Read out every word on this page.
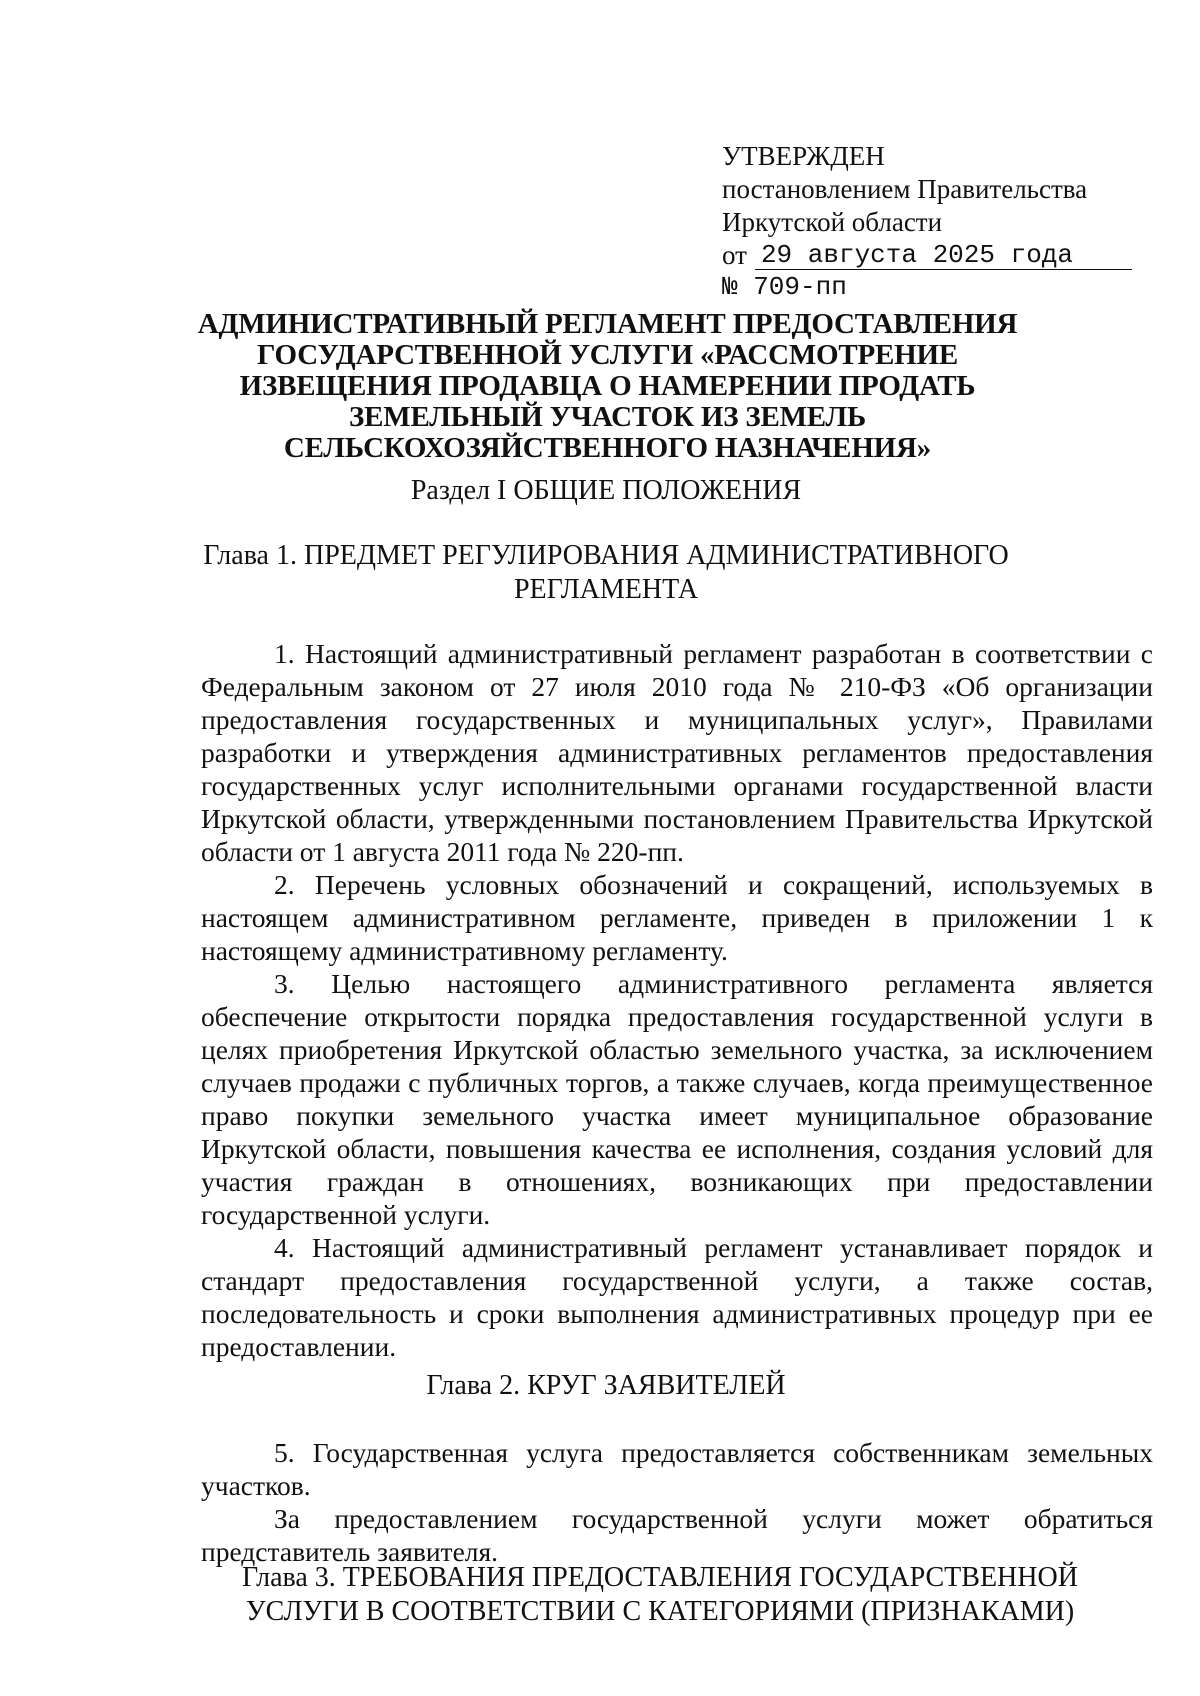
УТВЕРЖДЕН
постановлением Правительства
Иркутской области
от 29 августа 2025 года
№ 709-пп
АДМИНИСТРАТИВНЫЙ РЕГЛАМЕНТ ПРЕДОСТАВЛЕНИЯ ГОСУДАРСТВЕННОЙ УСЛУГИ «РАССМОТРЕНИЕ ИЗВЕЩЕНИЯ ПРОДАВЦА О НАМЕРЕНИИ ПРОДАТЬ ЗЕМЕЛЬНЫЙ УЧАСТОК ИЗ ЗЕМЕЛЬ СЕЛЬСКОХОЗЯЙСТВЕННОГО НАЗНАЧЕНИЯ»
Раздел I ОБЩИЕ ПОЛОЖЕНИЯ
Глава 1. ПРЕДМЕТ РЕГУЛИРОВАНИЯ АДМИНИСТРАТИВНОГО РЕГЛАМЕНТА

1. Настоящий административный регламент разработан в соответствии с Федеральным законом от 27 июля 2010 года № 210-ФЗ «Об организации предоставления государственных и муниципальных услуг», Правилами разработки и утверждения административных регламентов предоставления государственных услуг исполнительными органами государственной власти Иркутской области, утвержденными постановлением Правительства Иркутской области от 1 августа 2011 года № 220-пп.

2. Перечень условных обозначений и сокращений, используемых в настоящем административном регламенте, приведен в приложении 1 к настоящему административному регламенту.

3. Целью настоящего административного регламента является обеспечение открытости порядка предоставления государственной услуги в целях приобретения Иркутской областью земельного участка, за исключением случаев продажи с публичных торгов, а также случаев, когда преимущественное право покупки земельного участка имеет муниципальное образование Иркутской области, повышения качества ее исполнения, создания условий для участия граждан в отношениях, возникающих при предоставлении государственной услуги.

4. Настоящий административный регламент устанавливает порядок и стандарт предоставления государственной услуги, а также состав, последовательность и сроки выполнения административных процедур при ее предоставлении.

Глава 2. КРУГ ЗАЯВИТЕЛЕЙ

5. Государственная услуга предоставляется собственникам земельных участков.

За предоставлением государственной услуги может обратиться представитель заявителя.

Глава 3. ТРЕБОВАНИЯ ПРЕДОСТАВЛЕНИЯ ГОСУДАРСТВЕННОЙ УСЛУГИ В СООТВЕТСТВИИ С КАТЕГОРИЯМИ (ПРИЗНАКАМИ)
